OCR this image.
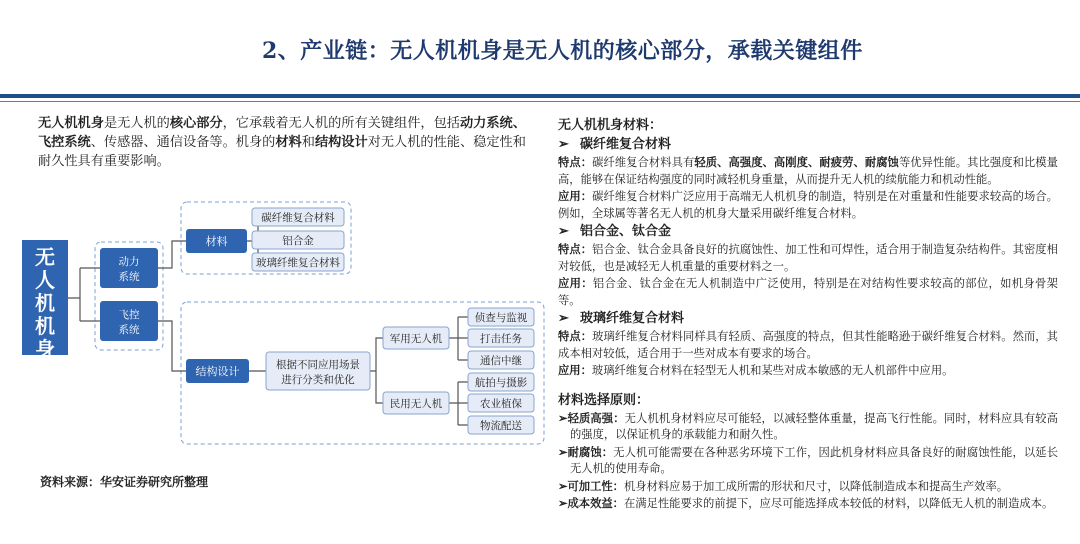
2、产业链：无人机机身是无人机的核心部分，承载关键组件
无人机机身是无人机的核心部分，它承载着无人机的所有关键组件，包括动力系统、飞控系统、传感器、通信设备等。机身的材料和结构设计对无人机的性能、稳定性和耐久性具有重要影响。
无人机机身
动力系统
飞控系统
材料
碳纤维复合材料
铝合金
玻璃纤维复合材料
结构设计	根据不同应用场景
进行分类和优化
军用无人机
民用无人机
侦查与监视
打击任务
通信中继
航拍与摄影
农业植保
物流配送
资料来源：华安证券研究所整理
无人机机身材料：
➢ 碳纤维复合材料

特点：碳纤维复合材料具有轻质、高强度、高刚度、耐疲劳、耐腐蚀等优异性能。其比强度和比模量高，能够在保证结构强度的同时减轻机身重量，从而提升无人机的续航能力和机动性能。

应用：碳纤维复合材料广泛应用于高端无人机机身的制造，特别是在对重量和性能要求较高的场合。例如，全球属等著名无人机的机身大量采用碳纤维复合材料。

➢ 铝合金、钛合金

特点：铝合金、钛合金具备良好的抗腐蚀性、加工性和可焊性，适合用于制造复杂结构件。其密度相对较低，也是减轻无人机重量的重要材料之一。

应用：铝合金、钛合金在无人机制造中广泛使用，特别是在对结构性要求较高的部位，如机身骨架等。

➢ 玻璃纤维复合材料

特点：玻璃纤维复合材料同样具有轻质、高强度的特点，但其性能略逊于碳纤维复合材料。然而，其成本相对较低，适合用于一些对成本有要求的场合。

应用：玻璃纤维复合材料在轻型无人机和某些对成本敏感的无人机部件中应用。

材料选择原则：

➢轻质高强：无人机机身材料应尽可能轻，以减轻整体重量，提高飞行性能。同时，材料应具有较高的强度，以保证机身的承载能力和耐久性。

➢耐腐蚀：无人机可能需要在各种恶劣环境下工作，因此机身材料应具备良好的耐腐蚀性能，以延长无人机的使用寿命。

➢可加工性：机身材料应易于加工成所需的形状和尺寸，以降低制造成本和提高生产效率。

➢成本效益：在满足性能要求的前提下，应尽可能选择成本较低的材料，以降低无人机的制造成本。
